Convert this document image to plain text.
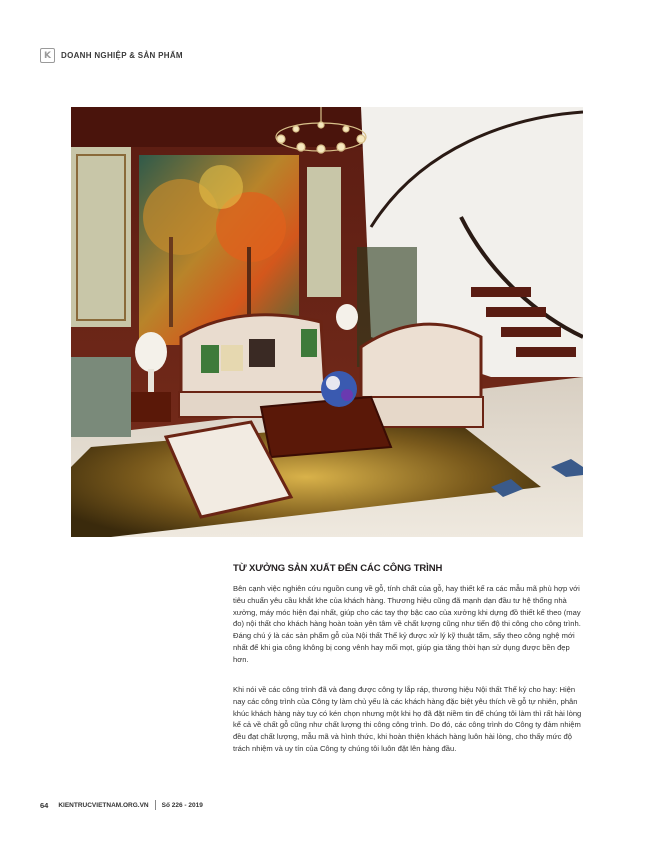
K	DOANH NGHIỆP & SẢN PHẨM
TỪ XƯỞNG SẢN XUẤT ĐẾN CÁC CÔNG TRÌNH

Bên cạnh việc nghiên cứu nguồn cung về gỗ, tính chất của gỗ, hay thiết kế ra các mẫu mã phù hợp với tiêu chuẩn yêu cầu khắt khe của khách hàng. Thương hiệu cũng đã mạnh dạn đầu tư hệ thống nhà xưởng, máy móc hiện đại nhất, giúp cho các tay thợ bậc cao của xưởng khi dựng đồ thiết kế theo (may đo) nội thất cho khách hàng hoàn toàn yên tâm về chất lượng cũng như tiến độ thi công cho công trình. Đáng chú ý là các sản phẩm gỗ của Nội thất Thế kỷ được xử lý kỹ thuật tẩm, sấy theo công nghệ mới nhất để khi gia công không bị cong vênh hay mối mọt, giúp gia tăng thời hạn sử dụng được bền đẹp hơn.

Khi nói về các công trình đã và đang được công ty lắp ráp, thương hiệu Nội thất Thế kỷ cho hay: Hiện nay các công trình của Công ty làm chủ yếu là các khách hàng đặc biệt yêu thích về gỗ tự nhiên, phân khúc khách hàng này tuy có kén chọn nhưng một khi họ đã đặt niềm tin để chúng tôi làm thì rất hài lòng kể cả về chất gỗ cũng như chất lượng thi công công trình. Do đó, các công trình do Công ty đảm nhiệm đều đạt chất lượng, mẫu mã và hình thức, khi hoàn thiện khách hàng luôn hài lòng, cho thấy mức độ trách nhiệm và uy tín của Công ty chúng tôi luôn đặt lên hàng đầu.

64 KIENTRUCVIETNAM.ORG.VN Số 226 - 2019
